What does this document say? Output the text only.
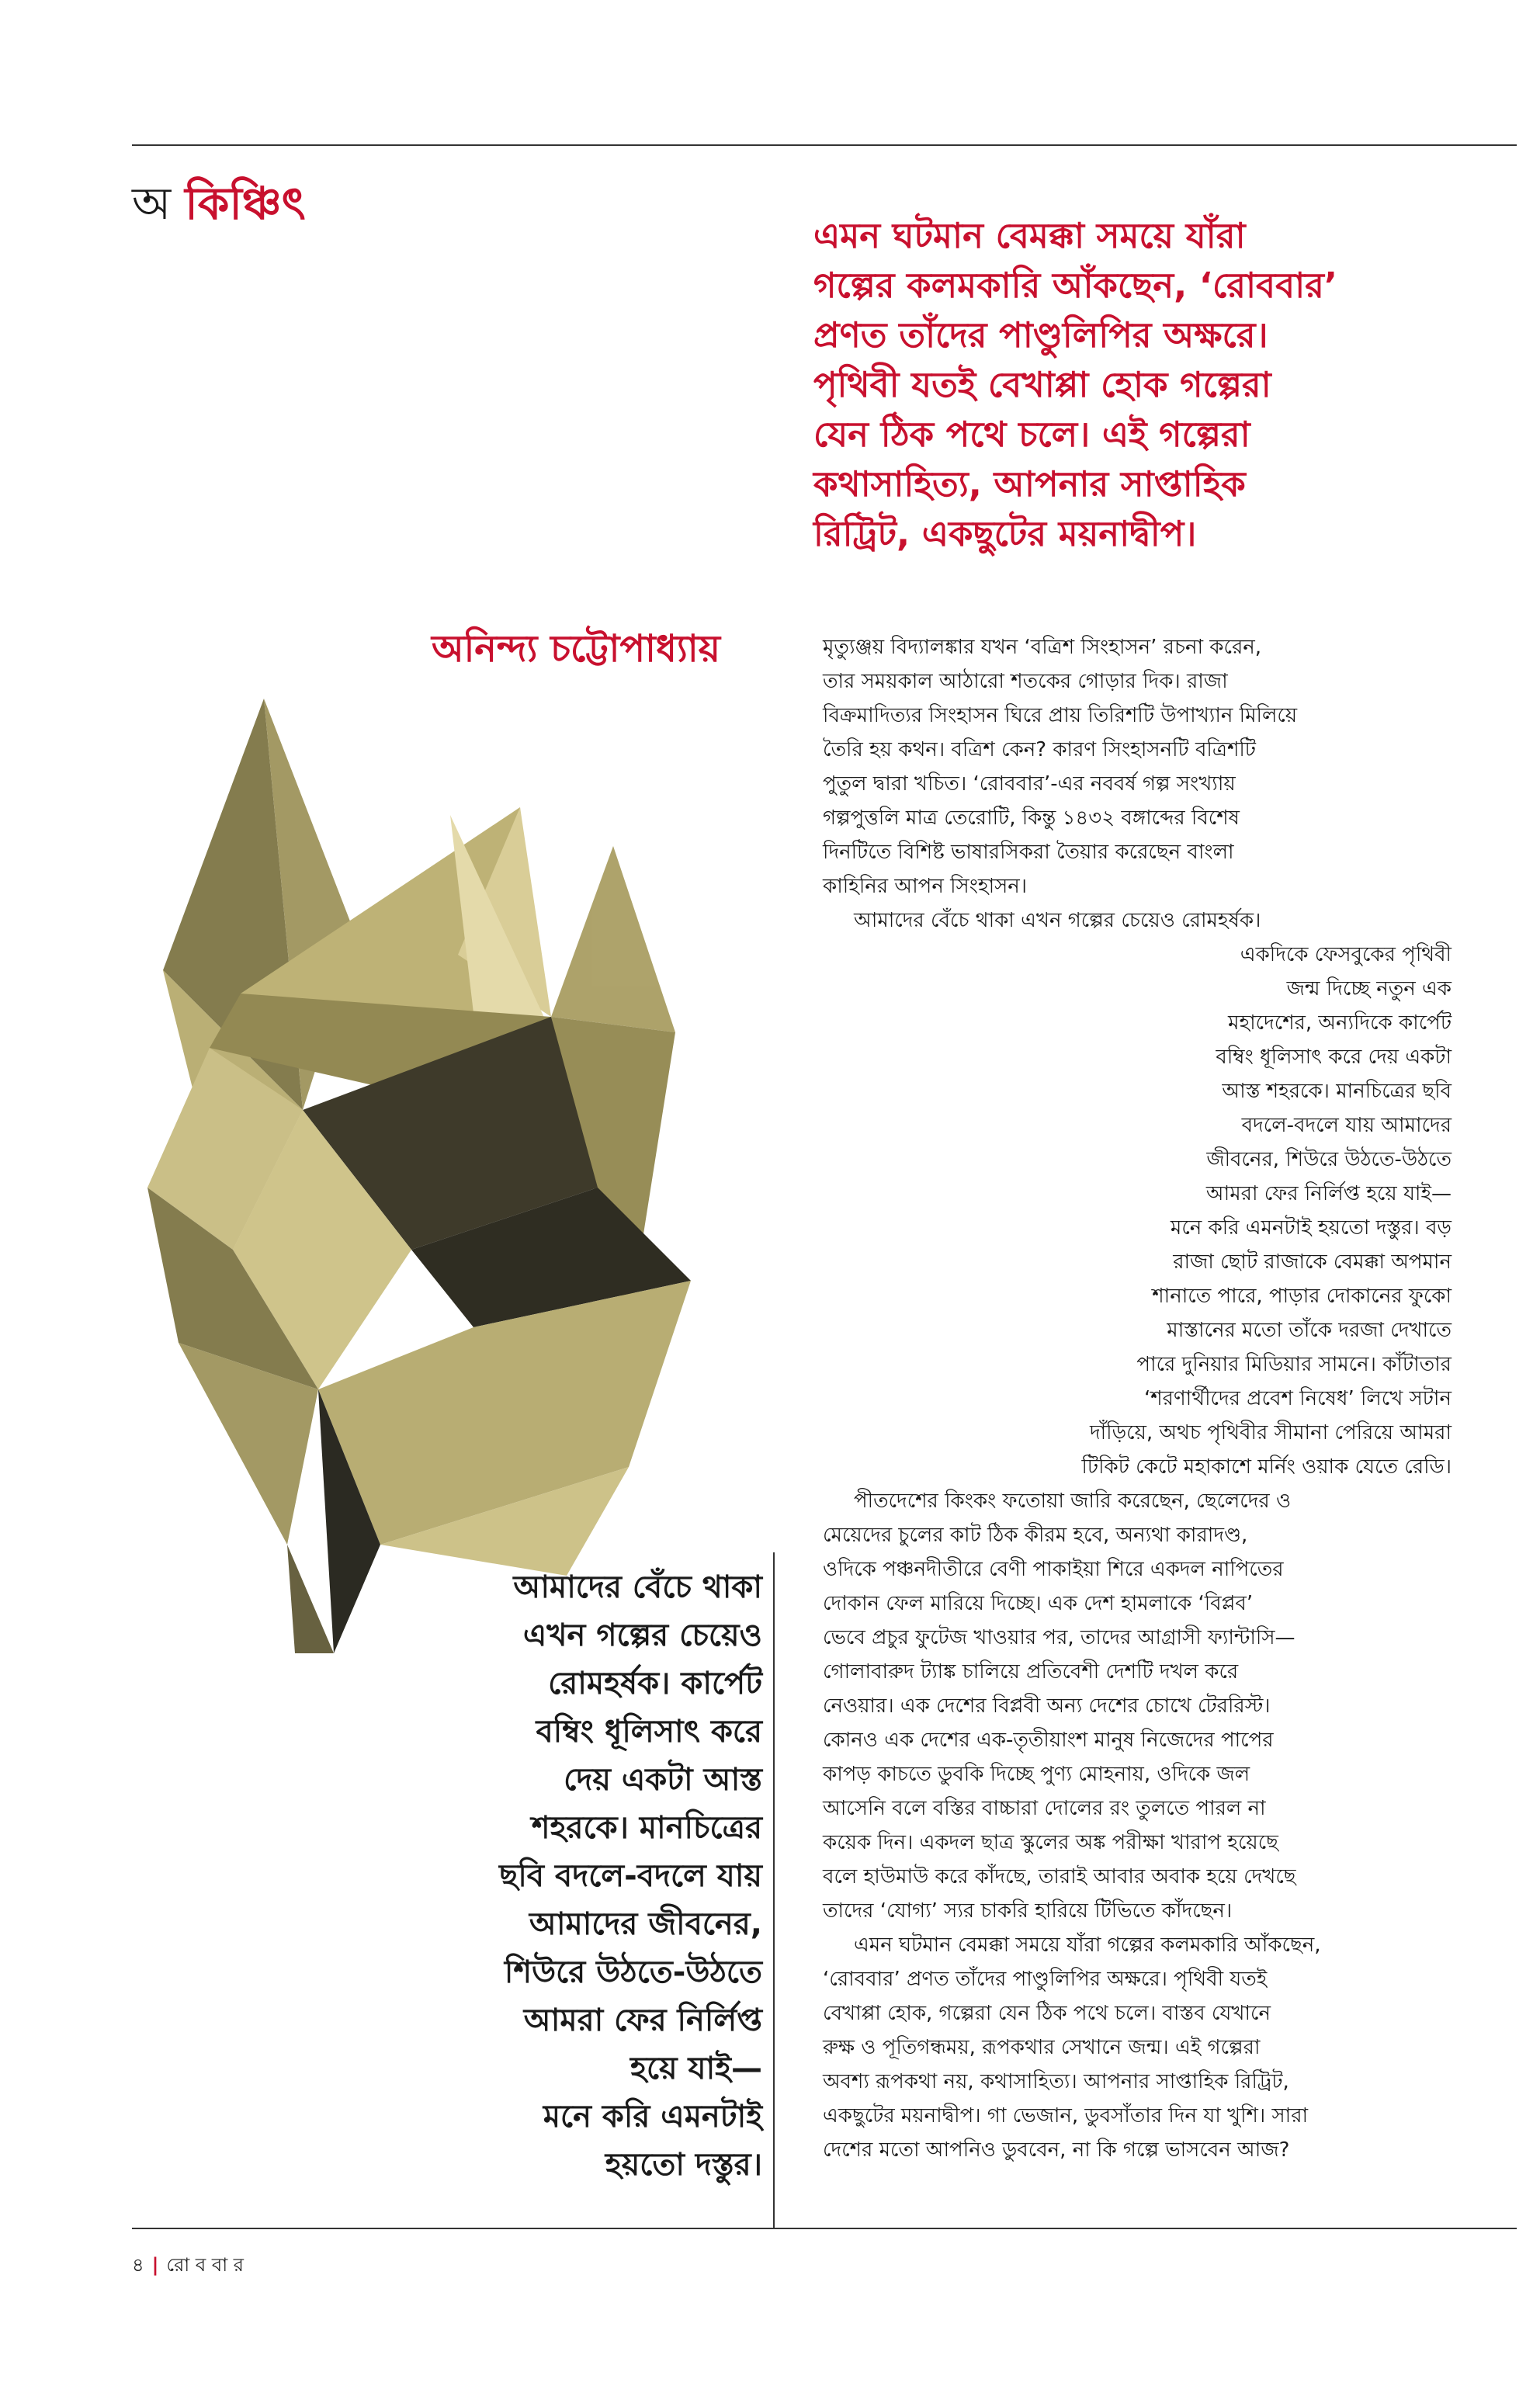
অ কিঞ্চিৎ

এমন ঘটমান বেমক্কা সময়ে যাঁরা

গল্পের কলমকারি আঁকছেন, ‘রোববার’

প্রণত তাঁদের পাণ্ডুলিপির অক্ষরে।

পৃথিবী যতই বেখাপ্পা হোক গল্পেরা

যেন ঠিক পথে চলে। এই গল্পেরা

কথাসাহিত্য, আপনার সাপ্তাহিক

রিট্রিট, একছুটের ময়নাদ্বীপ।

অনিন্দ্য চট্টোপাধ্যায়	মৃত্যুঞ্জয় বিদ্যালঙ্কার যখন ‘বত্রিশ সিংহাসন’ রচনা করেন,

তার সময়কাল আঠারো শতকের গোড়ার দিক। রাজা

বিক্রমাদিত্যর সিংহাসন ঘিরে প্রায় তিরিশটি উপাখ্যান মিলিয়ে

তৈরি হয় কথন। বত্রিশ কেন? কারণ সিংহাসনটি বত্রিশটি

পুতুল দ্বারা খচিত। ‘রোববার’-এর নববর্ষ গল্প সংখ্যায়

গল্পপুত্তলি মাত্র তেরোটি, কিন্তু ১৪৩২ বঙ্গাব্দের বিশেষ

দিনটিতে বিশিষ্ট ভাষারসিকরা তৈয়ার করেছেন বাংলা

কাহিনির আপন সিংহাসন।

আমাদের বেঁচে থাকা এখন গল্পের চেয়েও রোমহর্ষক।

একদিকে ফেসবুকের পৃথিবী

জন্ম দিচ্ছে নতুন এক

মহাদেশের, অন্যদিকে কার্পেট

বম্বিং ধূলিসাৎ করে দেয় একটা

আস্ত শহরকে। মানচিত্রের ছবি

বদলে-বদলে যায় আমাদের

জীবনের, শিউরে উঠতে-উঠতে

আমরা ফের নির্লিপ্ত হয়ে যাই—

মনে করি এমনটাই হয়তো দস্তুর। বড়

রাজা ছোট রাজাকে বেমক্কা অপমান

শানাতে পারে, পাড়ার দোকানের ফুকো

মাস্তানের মতো তাঁকে দরজা দেখাতে

পারে দুনিয়ার মিডিয়ার সামনে। কাঁটাতার

‘শরণার্থীদের প্রবেশ নিষেধ’ লিখে সটান

দাঁড়িয়ে, অথচ পৃথিবীর সীমানা পেরিয়ে আমরা

টিকিট কেটে মহাকাশে মর্নিং ওয়াক যেতে রেডি।

পীতদেশের কিংকং ফতোয়া জারি করেছেন, ছেলেদের ও

মেয়েদের চুলের কাট ঠিক কীরম হবে, অন্যথা কারাদণ্ড,

ওদিকে পঞ্চনদীতীরে বেণী পাকাইয়া শিরে একদল নাপিতের

দোকান ফেল মারিয়ে দিচ্ছে। এক দেশ হামলাকে ‘বিপ্লব’

ভেবে প্রচুর ফুটেজ খাওয়ার পর, তাদের আগ্রাসী ফ্যান্টাসি—

গোলাবারুদ ট্যাঙ্ক চালিয়ে প্রতিবেশী দেশটি দখল করে

নেওয়ার। এক দেশের বিপ্লবী অন্য দেশের চোখে টেররিস্ট।

কোনও এক দেশের এক-তৃতীয়াংশ মানুষ নিজেদের পাপের

কাপড় কাচতে ডুবকি দিচ্ছে পুণ্য মোহনায়, ওদিকে জল

আসেনি বলে বস্তির বাচ্চারা দোলের রং তুলতে পারল না

কয়েক দিন। একদল ছাত্র স্কুলের অঙ্ক পরীক্ষা খারাপ হয়েছে

বলে হাউমাউ করে কাঁদছে, তারাই আবার অবাক হয়ে দেখছে

তাদের ‘যোগ্য’ স্যর চাকরি হারিয়ে টিভিতে কাঁদছেন।

এমন ঘটমান বেমক্কা সময়ে যাঁরা গল্পের কলমকারি আঁকছেন,

‘রোববার’ প্রণত তাঁদের পাণ্ডুলিপির অক্ষরে। পৃথিবী যতই

বেখাপ্পা হোক, গল্পেরা যেন ঠিক পথে চলে। বাস্তব যেখানে

রুক্ষ ও পূতিগন্ধময়, রূপকথার সেখানে জন্ম। এই গল্পেরা

অবশ্য রূপকথা নয়, কথাসাহিত্য। আপনার সাপ্তাহিক রিট্রিট,

একছুটের ময়নাদ্বীপ। গা ভেজান, ডুবসাঁতার দিন যা খুশি। সারা

দেশের মতো আপনিও ডুববেন, না কি গল্পে ভাসবেন আজ?

আমাদের বেঁচে থাকা

এখন গল্পের চেয়েও

রোমহর্ষক। কার্পেট

বম্বিং ধূলিসাৎ করে

দেয় একটা আস্ত

শহরকে। মানচিত্রের

ছবি বদলে-বদলে যায়

আমাদের জীবনের,

শিউরে উঠতে-উঠতে

আমরা ফের নির্লিপ্ত

হয়ে যাই—

মনে করি এমনটাই

হয়তো দস্তুর।

৪ | রো ব বা র
